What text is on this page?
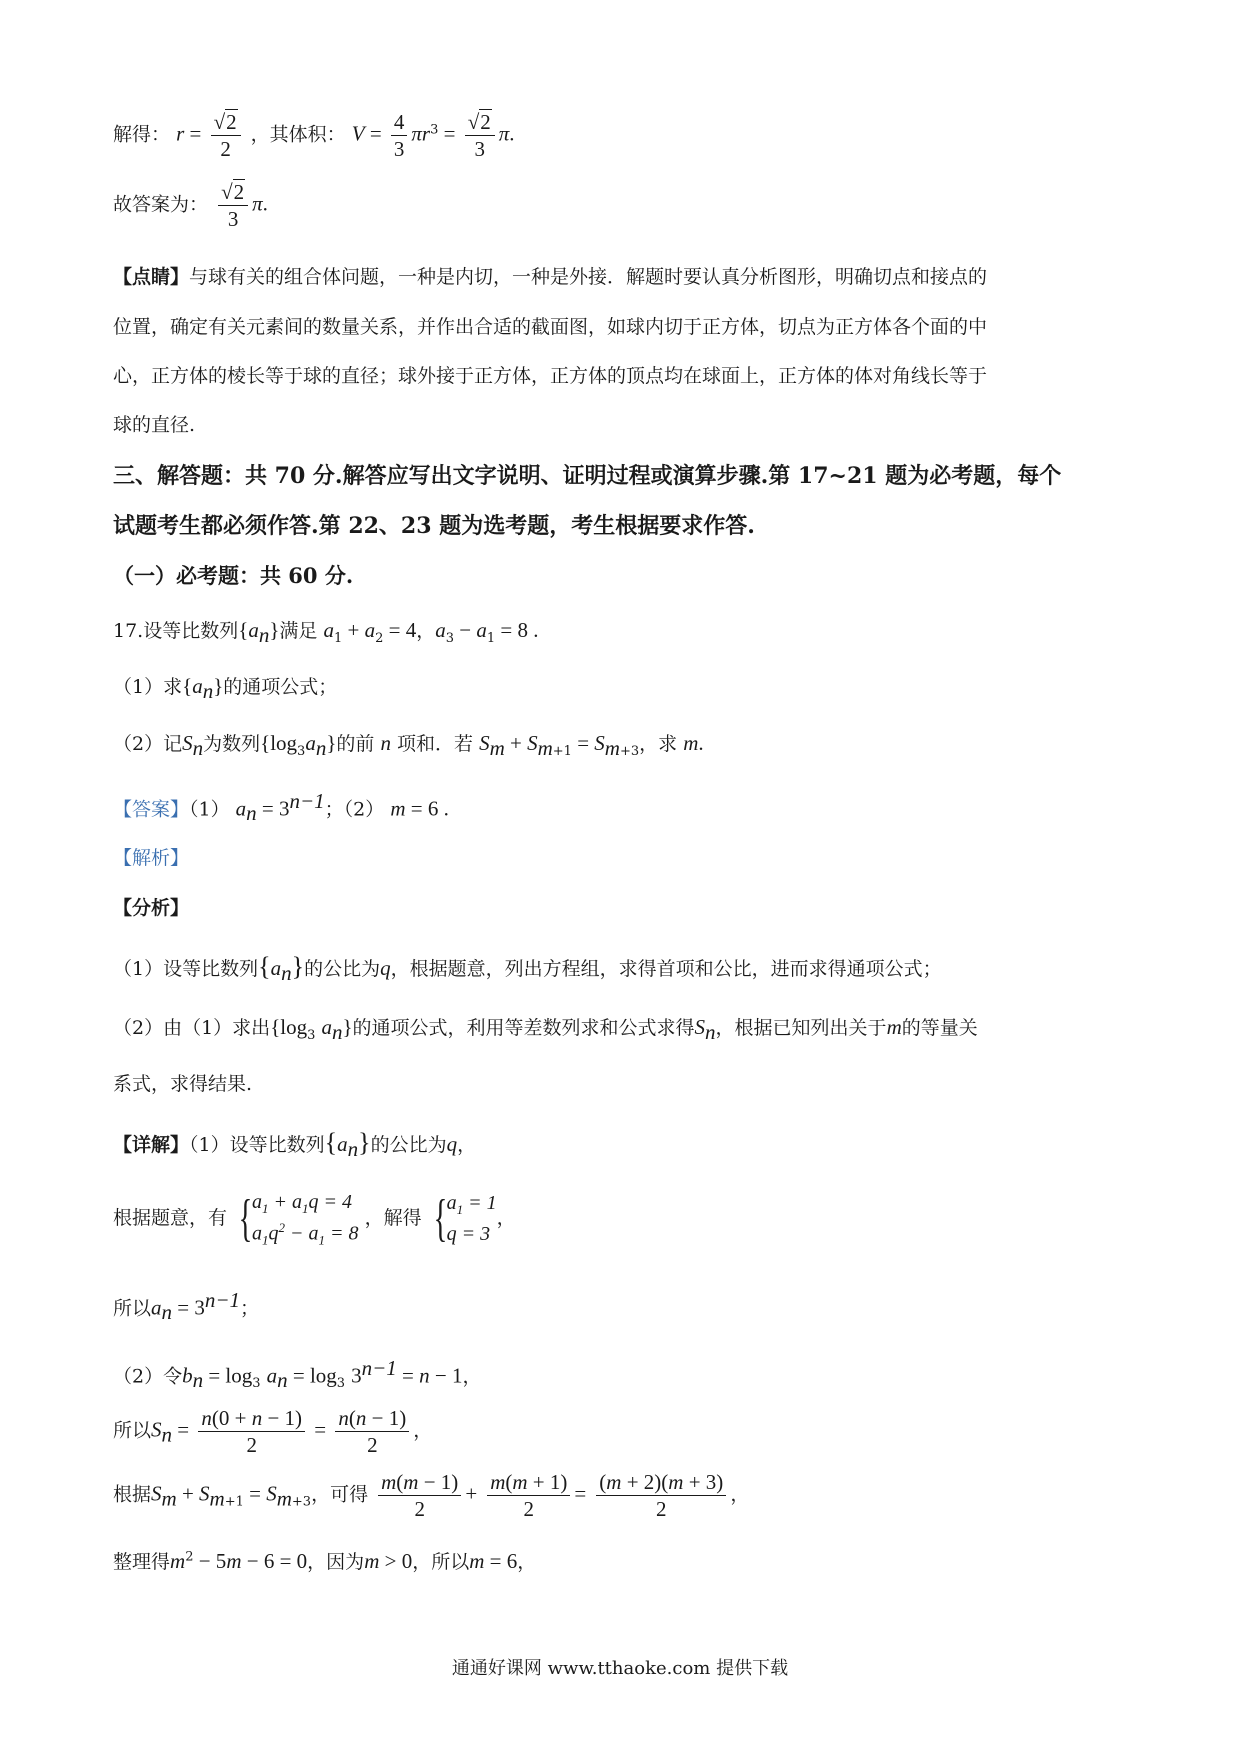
解得： $r = \frac{√2}{2}$ ，其体积： $V = \frac{4}{3} \pi r^3 = \frac{√2}{3} \pi$.
故答案为： $\frac{√2}{3} \pi$.
【点睛】与球有关的组合体问题，一种是内切，一种是外接．解题时要认真分析图形，明确切点和接点的
位置，确定有关元素间的数量关系，并作出合适的截面图，如球内切于正方体，切点为正方体各个面的中
心，正方体的棱长等于球的直径；球外接于正方体，正方体的顶点均在球面上，正方体的体对角线长等于
球的直径.
三、解答题：共 70 分.解答应写出文字说明、证明过程或演算步骤.第 17~21 题为必考题，每个
试题考生都必须作答.第 22、23 题为选考题，考生根据要求作答.
（一）必考题：共 60 分.
17.设等比数列$\{a_n\}$满足 $a_1 + a_2 = 4$，$a_3 - a_1 = 8$ .
（1）求$\{a_n\}$的通项公式；
（2）记$S_n$为数列$\{\log_3a_n\}$的前 n 项和．若 $S_m + S_{m+1} = S_{m+3}$，求 m.
【答案】（1） $a_n = 3^{n-1}$；（2） m = 6 .
【解析】
【分析】
（1）设等比数列$\{a_n\}$的公比为q，根据题意，列出方程组，求得首项和公比，进而求得通项公式；
（2）由（1）求出{$\log_3$ $a_n$}的通项公式，利用等差数列求和公式求得$S_n$，根据已知列出关于m的等量关
系式，求得结果.
【详解】（1）设等比数列$\{a_n\}$的公比为q，
根据题意，有 { $a_1 + a_1q = 4$
$a_1q^2 - a_1 = 8$
，解得 { $a_1 = 1$
q = 3
，
所以$a_n = 3^{n-1}$；
（2）令$b_n = \log_3 a_n = \log_3 3^{n-1} = n - 1$，
所以$S_n = \frac{n(0 + n - 1)}{2} = \frac{n(n - 1)}{2}$ ，
根据$S_m + S_{m+1} = S_{m+3}$，可得 $\frac{m(m - 1)}{2} + \frac{m(m + 1)}{2} = \frac{(m + 2)(m + 3)}{2}$ ，
整理得$m^2 - 5m - 6 = 0$，因为m > 0，所以m = 6，
通通好课网 www.tthaoke.com 提供下载
